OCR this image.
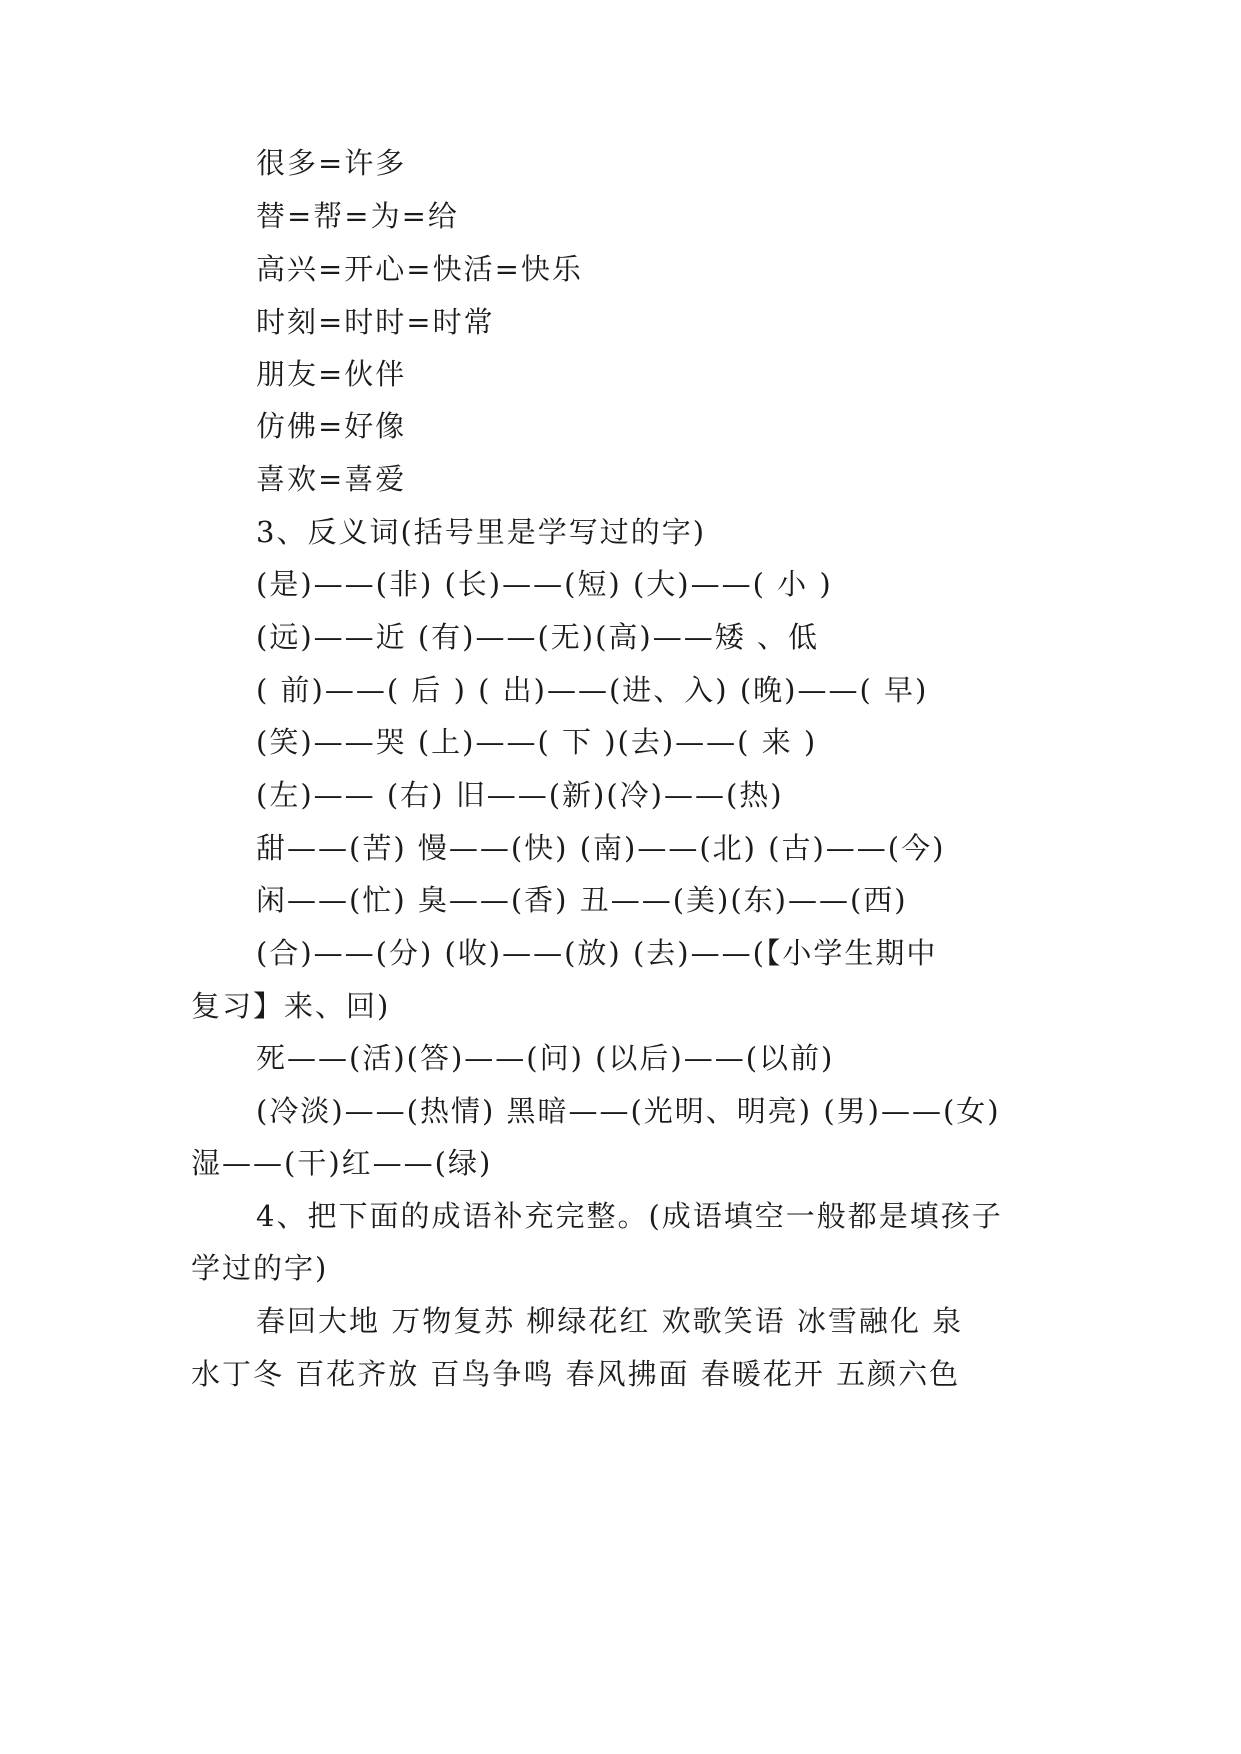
很多=许多
替=帮=为=给
高兴=开心=快活=快乐
时刻=时时=时常
朋友=伙伴
仿佛=好像
喜欢=喜爱
3、反义词(括号里是学写过的字)
(是)——(非) (长)——(短) (大)——( 小 )
(远)——近 (有)——(无)(高)——矮 、低
( 前)——( 后 ) ( 出)——(进、入) (晚)——( 早)
(笑)——哭 (上)——( 下 )(去)——( 来 )
(左)—— (右) 旧——(新)(冷)——(热)
甜——(苦) 慢——(快) (南)——(北) (古)——(今)
闲——(忙) 臭——(香) 丑——(美)(东)——(西)
(合)——(分) (收)——(放) (去)——(【小学生期中
复习】来、回)
死——(活)(答)——(问) (以后)——(以前)
(冷淡)——(热情) 黑暗——(光明、明亮) (男)——(女)
湿——(干)红——(绿)
4、把下面的成语补充完整。(成语填空一般都是填孩子
学过的字)
春回大地 万物复苏 柳绿花红 欢歌笑语 冰雪融化 泉
水丁冬 百花齐放 百鸟争鸣 春风拂面 春暖花开 五颜六色
